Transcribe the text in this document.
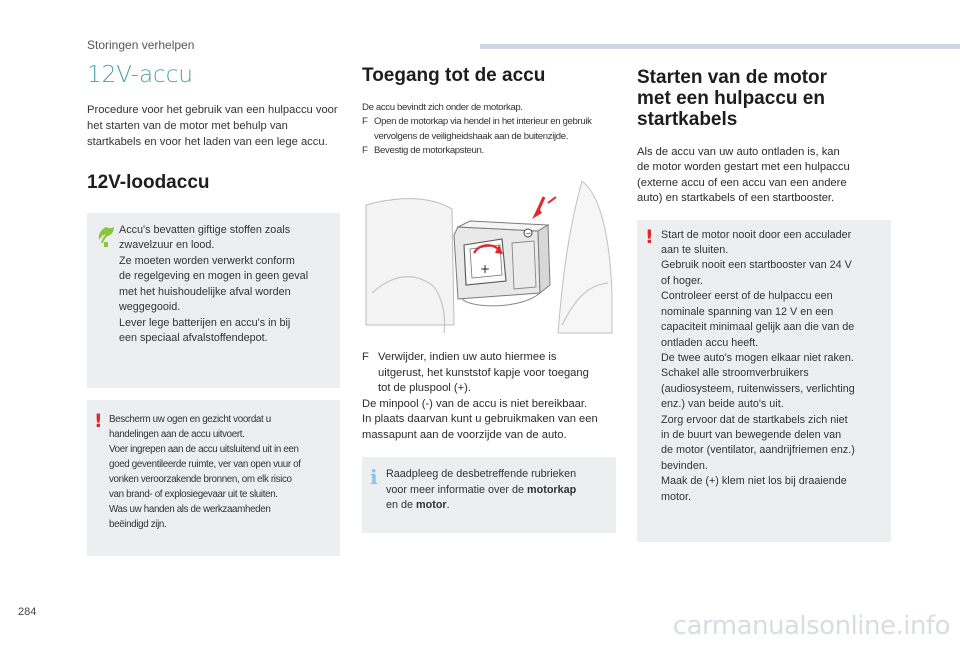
Storingen verhelpen
12V-accu

Procedure voor het gebruik van een hulpaccu voor het starten van de motor met behulp van startkabels en voor het laden van een lege accu.

12V-loodaccu
Accu's bevatten giftige stoffen zoals
zwavelzuur en lood.
Ze moeten worden verwerkt conform
de regelgeving en mogen in geen geval
met het huishoudelijke afval worden
weggegooid.
Lever lege batterijen en accu's in bij
een speciaal afvalstoffendepot.
! Bescherm uw ogen en gezicht voordat u
handelingen aan de accu uitvoert.
Voer ingrepen aan de accu uitsluitend uit in een
goed geventileerde ruimte, ver van open vuur of
vonken veroorzakende bronnen, om elk risico
van brand- of explosiegevaar uit te sluiten.
Was uw handen als de werkzaamheden
beëindigd zijn.
Toegang tot de accu
De accu bevindt zich onder de motorkap.
F Open de motorkap via hendel in het interieur en gebruik
vervolgens de veiligheidshaak aan de buitenzijde.
F Bevestig de motorkapsteun.
+
−
F Verwijder, indien uw auto hiermee is
uitgerust, het kunststof kapje voor toegang
tot de pluspool (+).
De minpool (-) van de accu is niet bereikbaar.
In plaats daarvan kunt u gebruikmaken van een
massapunt aan de voorzijde van de auto.
i Raadpleeg de desbetreffende rubrieken
voor meer informatie over de motorkap
en de motor.
Starten van de motor
met een hulpaccu en
startkabels
Als de accu van uw auto ontladen is, kan
de motor worden gestart met een hulpaccu
(externe accu of een accu van een andere
auto) en startkabels of een startbooster.
! Start de motor nooit door een acculader
aan te sluiten.
Gebruik nooit een startbooster van 24 V
of hoger.
Controleer eerst of de hulpaccu een
nominale spanning van 12 V en een
capaciteit minimaal gelijk aan die van de
ontladen accu heeft.
De twee auto's mogen elkaar niet raken.
Schakel alle stroomverbruikers
(audiosysteem, ruitenwissers, verlichting
enz.) van beide auto's uit.
Zorg ervoor dat de startkabels zich niet
in de buurt van bewegende delen van
de motor (ventilator, aandrijfriemen enz.)
bevinden.
Maak de (+) klem niet los bij draaiende
motor.
284	carmanualsonline.info
